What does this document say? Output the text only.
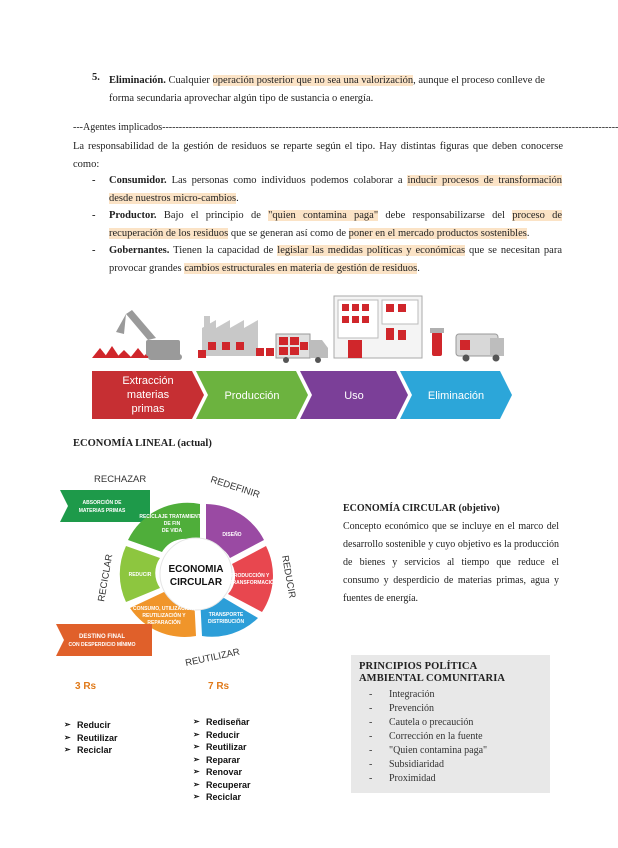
5. Eliminación. Cualquier operación posterior que no sea una valorización, aunque el proceso conlleve de forma secundaria aprovechar algún tipo de sustancia o energía.

---Agentes implicados-----------------------------------------------------------------------------------------------------------------------------------------

La responsabilidad de la gestión de residuos se reparte según el tipo. Hay distintas figuras que deben conocerse como:

- Consumidor. Las personas como individuos podemos colaborar a inducir procesos de transformación desde nuestros micro-cambios.
- Productor. Bajo el principio de "quien contamina paga" debe responsabilizarse del proceso de recuperación de los residuos que se generan así como de poner en el mercado productos sostenibles.
- Gobernantes. Tienen la capacidad de legislar las medidas políticas y económicas que se necesitan para provocar grandes cambios estructurales en materia de gestión de residuos.
Extracción
materias
primas
Producción	Uso	Eliminación
ECONOMÍA LINEAL (actual)
RECHAZAR	REDEFINIR
REDUCIR
REUTILIZAR
RECICLAR	ECONOMIA
CIRCULAR
ABSORCIÓN DE
MATERIAS PRIMAS
RECICLAJE TRATAMIENTO
DE FIN
DE VIDA
DISEÑO
PRODUCCIÓN Y
RETRANSFORMACIÓN
TRANSPORTE
DISTRIBUCIÓN
CONSUMO, UTILIZACIÓN,
REUTILIZACIÓN Y
REPARACIÓN
REDUCIR
DESTINO FINAL
CON DESPERDICIO MÍNIMO
ECONOMÍA CIRCULAR (objetivo)

Concepto económico que se incluye en el marco del desarrollo sostenible y cuyo objetivo es la producción de bienes y servicios al tiempo que reduce el consumo y desperdicio de materias primas, agua y fuentes de energía.

3 Rs	7 Rs
➢ Reducir
➢ Reutilizar
➢ Reciclar
➢ Rediseñar
➢ Reducir
➢ Reutilizar
➢ Reparar
➢ Renovar
➢ Recuperar
➢ Reciclar
PRINCIPIOS POLÍTICA AMBIENTAL COMUNITARIA
- Integración
- Prevención
- Cautela o precaución
- Corrección en la fuente
- "Quien contamina paga"
- Subsidiaridad
- Proximidad
